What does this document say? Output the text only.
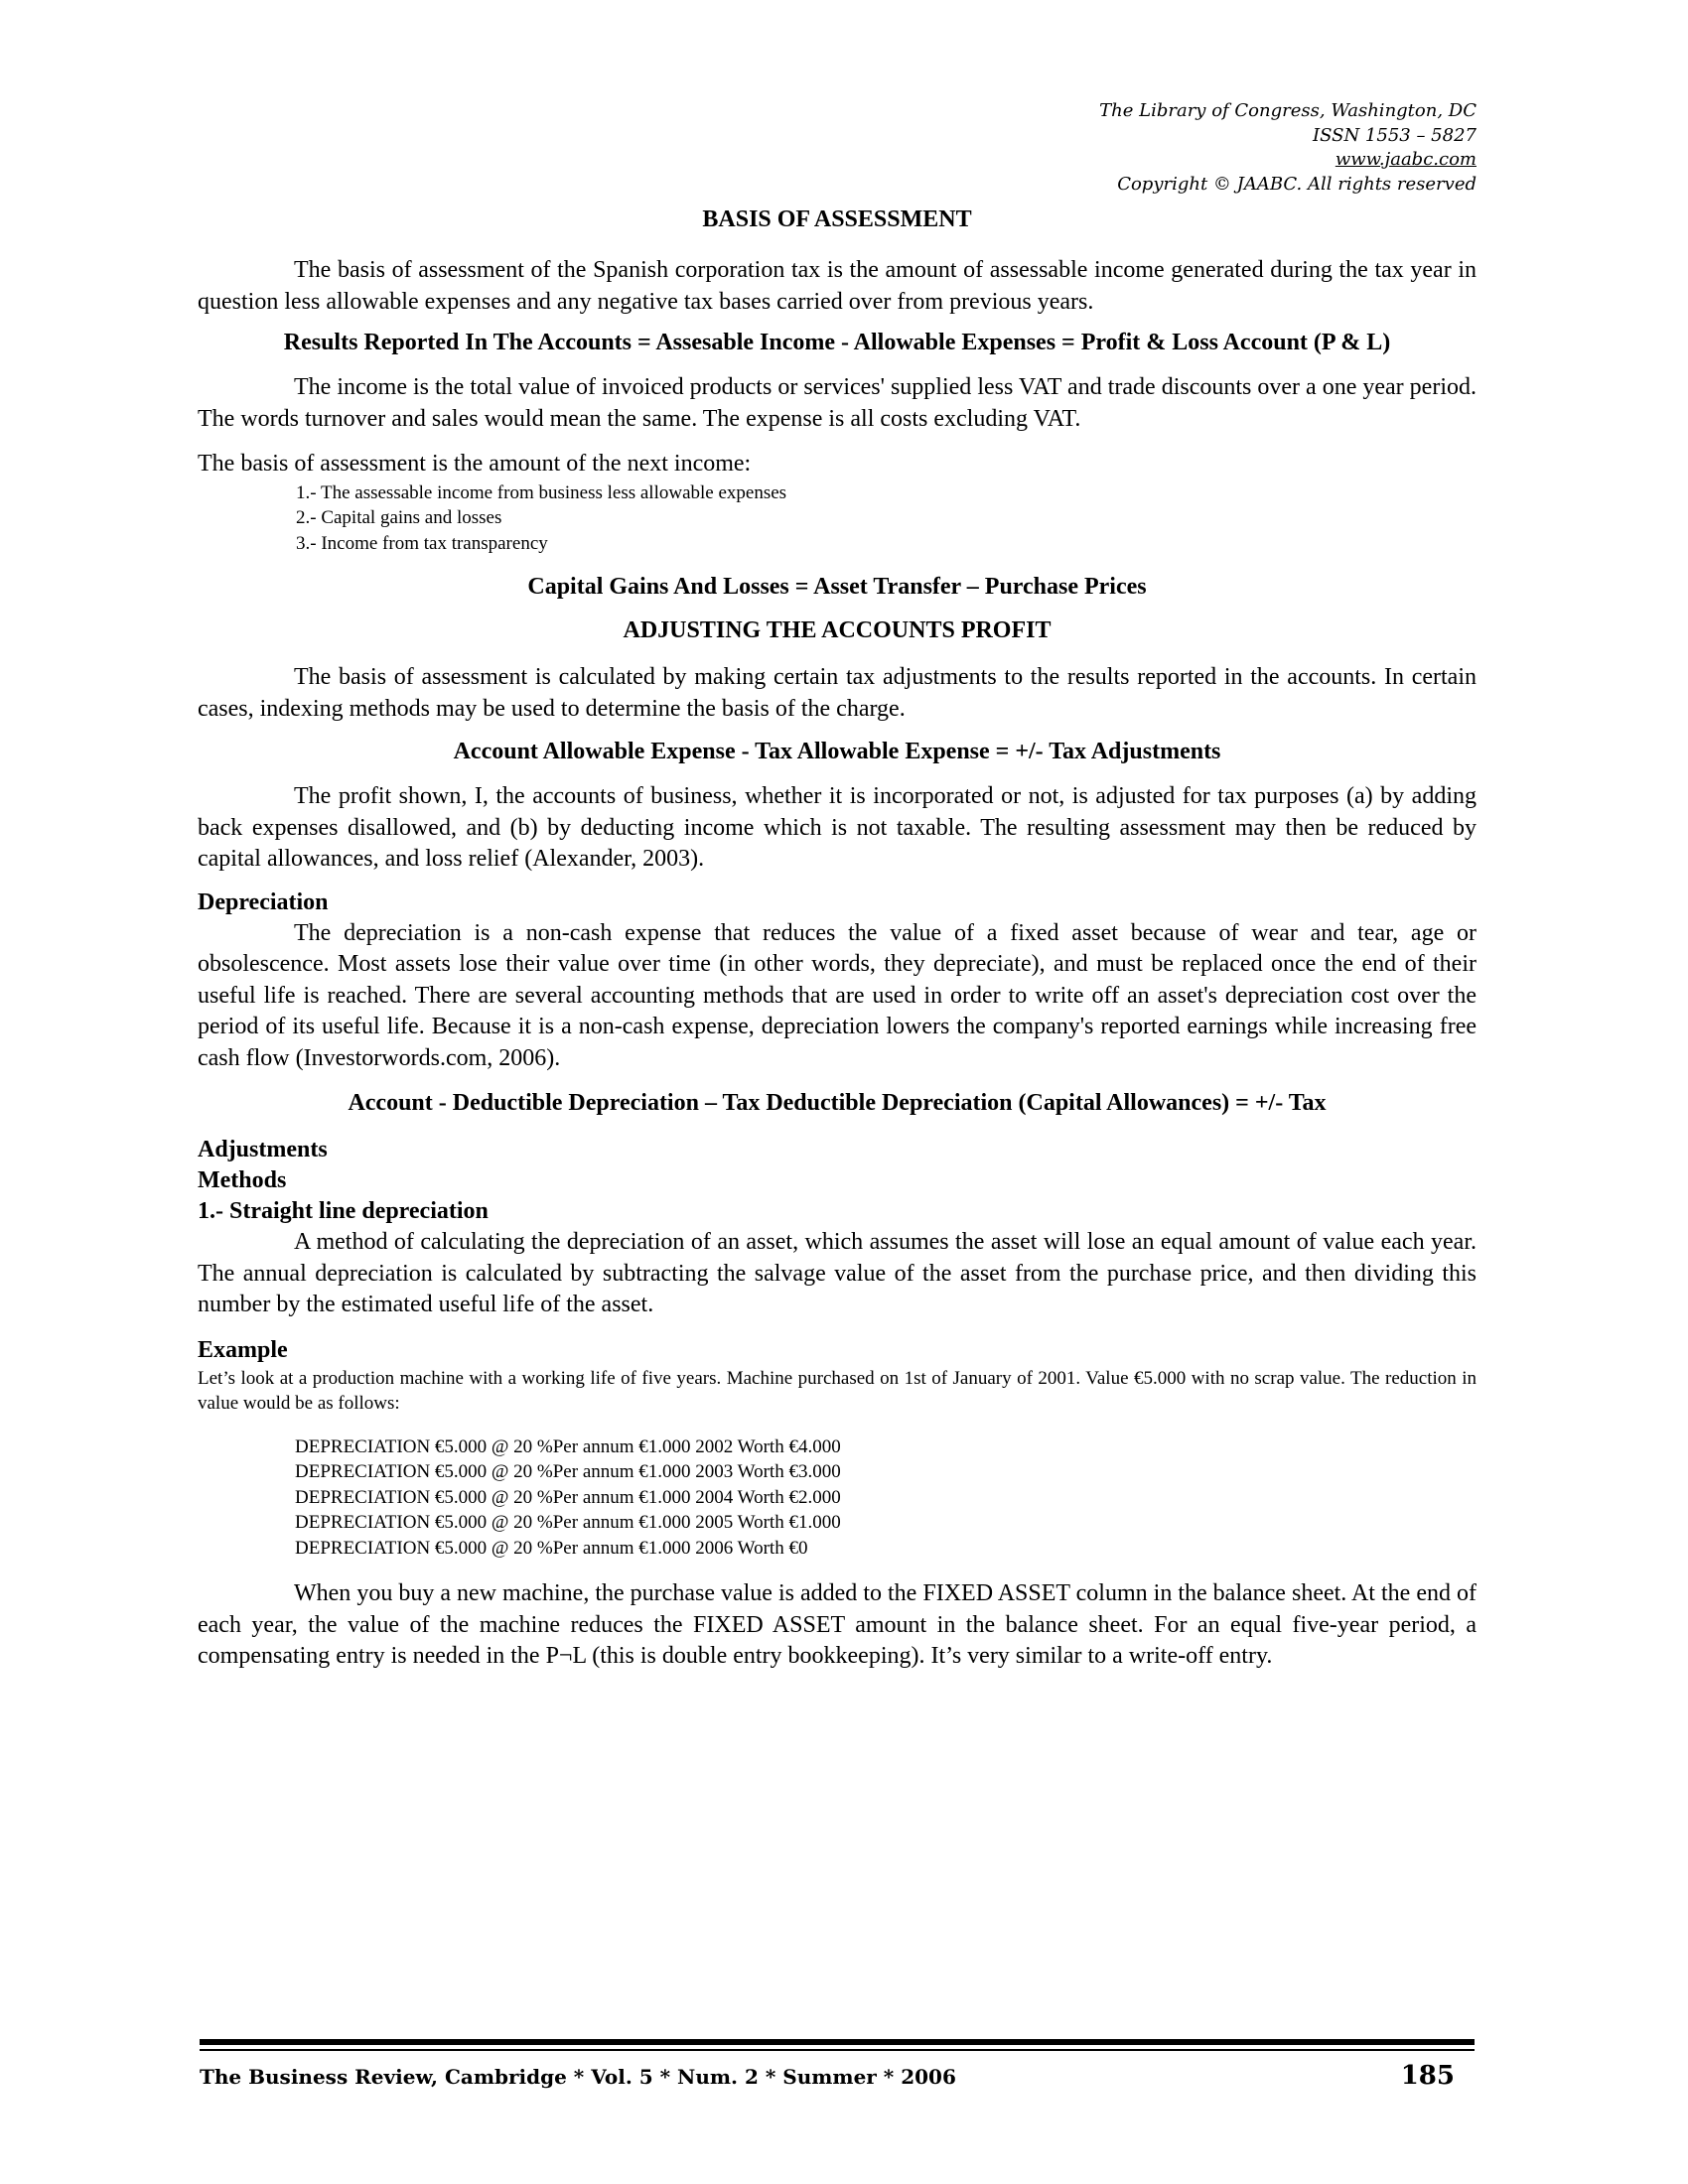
The Library of Congress, Washington, DC
ISSN 1553 – 5827
www.jaabc.com
Copyright © JAABC. All rights reserved

BASIS OF ASSESSMENT

The basis of assessment of the Spanish corporation tax is the amount of assessable income generated during the tax year in question less allowable expenses and any negative tax bases carried over from previous years.

Results Reported In The Accounts = Assesable Income - Allowable Expenses = Profit & Loss Account (P & L)

The income is the total value of invoiced products or services' supplied less VAT and trade discounts over a one year period. The words turnover and sales would mean the same. The expense is all costs excluding VAT.

The basis of assessment is the amount of the next income:

1.- The assessable income from business less allowable expenses
2.- Capital gains and losses
3.- Income from tax transparency

Capital Gains And Losses = Asset Transfer – Purchase Prices

ADJUSTING THE ACCOUNTS PROFIT

The basis of assessment is calculated by making certain tax adjustments to the results reported in the accounts. In certain cases, indexing methods may be used to determine the basis of the charge.

Account Allowable Expense - Tax Allowable Expense = +/- Tax Adjustments

The profit shown, I, the accounts of business, whether it is incorporated or not, is adjusted for tax purposes (a) by adding back expenses disallowed, and (b) by deducting income which is not taxable. The resulting assessment may then be reduced by capital allowances, and loss relief (Alexander, 2003).

Depreciation

The depreciation is a non-cash expense that reduces the value of a fixed asset because of wear and tear, age or obsolescence. Most assets lose their value over time (in other words, they depreciate), and must be replaced once the end of their useful life is reached. There are several accounting methods that are used in order to write off an asset's depreciation cost over the period of its useful life. Because it is a non-cash expense, depreciation lowers the company's reported earnings while increasing free cash flow (Investorwords.com, 2006).

Account - Deductible Depreciation – Tax Deductible Depreciation (Capital Allowances) = +/- Tax

Adjustments

Methods

1.- Straight line depreciation

A method of calculating the depreciation of an asset, which assumes the asset will lose an equal amount of value each year. The annual depreciation is calculated by subtracting the salvage value of the asset from the purchase price, and then dividing this number by the estimated useful life of the asset.

Example

Let’s look at a production machine with a working life of five years. Machine purchased on 1st of January of 2001. Value €5.000 with no scrap value. The reduction in value would be as follows:

DEPRECIATION €5.000 @ 20 %Per annum €1.000 2002 Worth €4.000
DEPRECIATION €5.000 @ 20 %Per annum €1.000 2003 Worth €3.000
DEPRECIATION €5.000 @ 20 %Per annum €1.000 2004 Worth €2.000
DEPRECIATION €5.000 @ 20 %Per annum €1.000 2005 Worth €1.000
DEPRECIATION €5.000 @ 20 %Per annum €1.000 2006 Worth €0

When you buy a new machine, the purchase value is added to the FIXED ASSET column in the balance sheet. At the end of each year, the value of the machine reduces the FIXED ASSET amount in the balance sheet. For an equal five-year period, a compensating entry is needed in the P¬L (this is double entry bookkeeping). It’s very similar to a write-off entry.

The Business Review, Cambridge * Vol. 5 * Num. 2 * Summer * 2006	185
